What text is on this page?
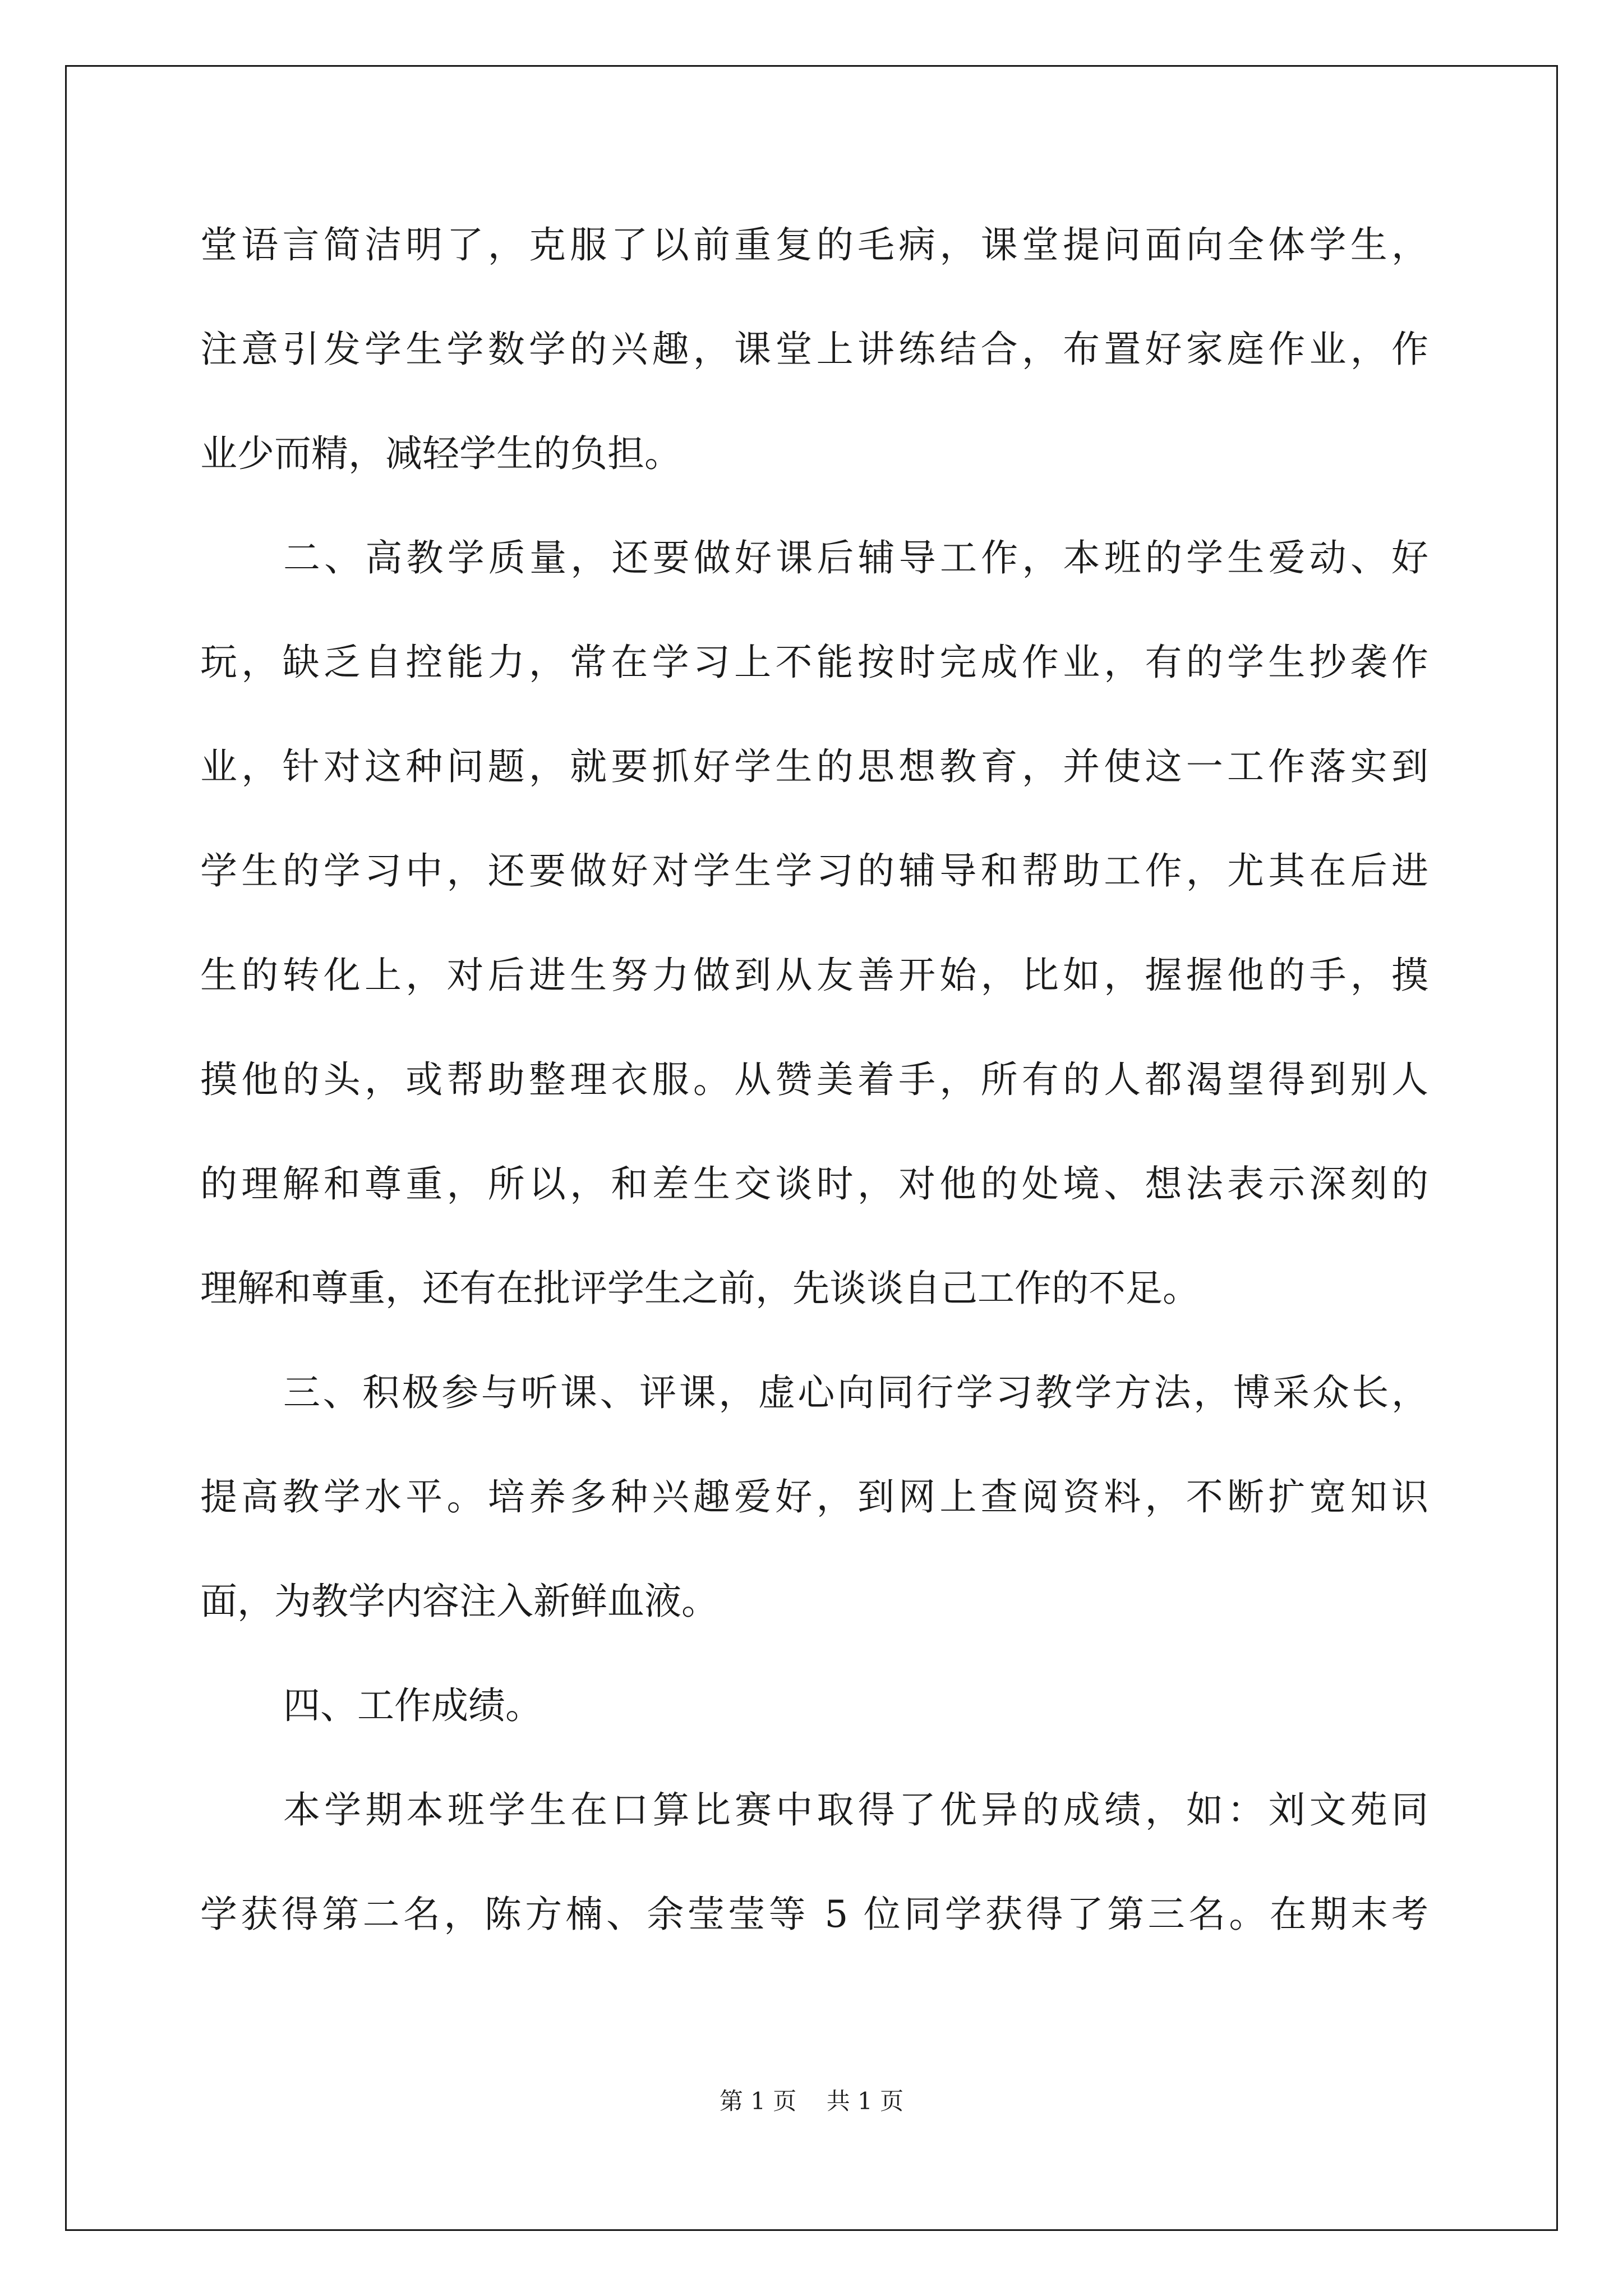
堂语言简洁明了，克服了以前重复的毛病，课堂提问面向全体学生，
注意引发学生学数学的兴趣，课堂上讲练结合，布置好家庭作业，作
业少而精，减轻学生的负担。
二、高教学质量，还要做好课后辅导工作，本班的学生爱动、好
玩，缺乏自控能力，常在学习上不能按时完成作业，有的学生抄袭作
业，针对这种问题，就要抓好学生的思想教育，并使这一工作落实到
学生的学习中，还要做好对学生学习的辅导和帮助工作，尤其在后进
生的转化上，对后进生努力做到从友善开始，比如，握握他的手，摸
摸他的头，或帮助整理衣服。从赞美着手，所有的人都渴望得到别人
的理解和尊重，所以，和差生交谈时，对他的处境、想法表示深刻的
理解和尊重，还有在批评学生之前，先谈谈自己工作的不足。
三、积极参与听课、评课，虚心向同行学习教学方法，博采众长，
提高教学水平。培养多种兴趣爱好，到网上查阅资料，不断扩宽知识
面，为教学内容注入新鲜血液。
四、工作成绩。
本学期本班学生在口算比赛中取得了优异的成绩，如：刘文苑同
学获得第二名，陈方楠、余莹莹等 5 位同学获得了第三名。在期末考
第 1 页    共 1 页
